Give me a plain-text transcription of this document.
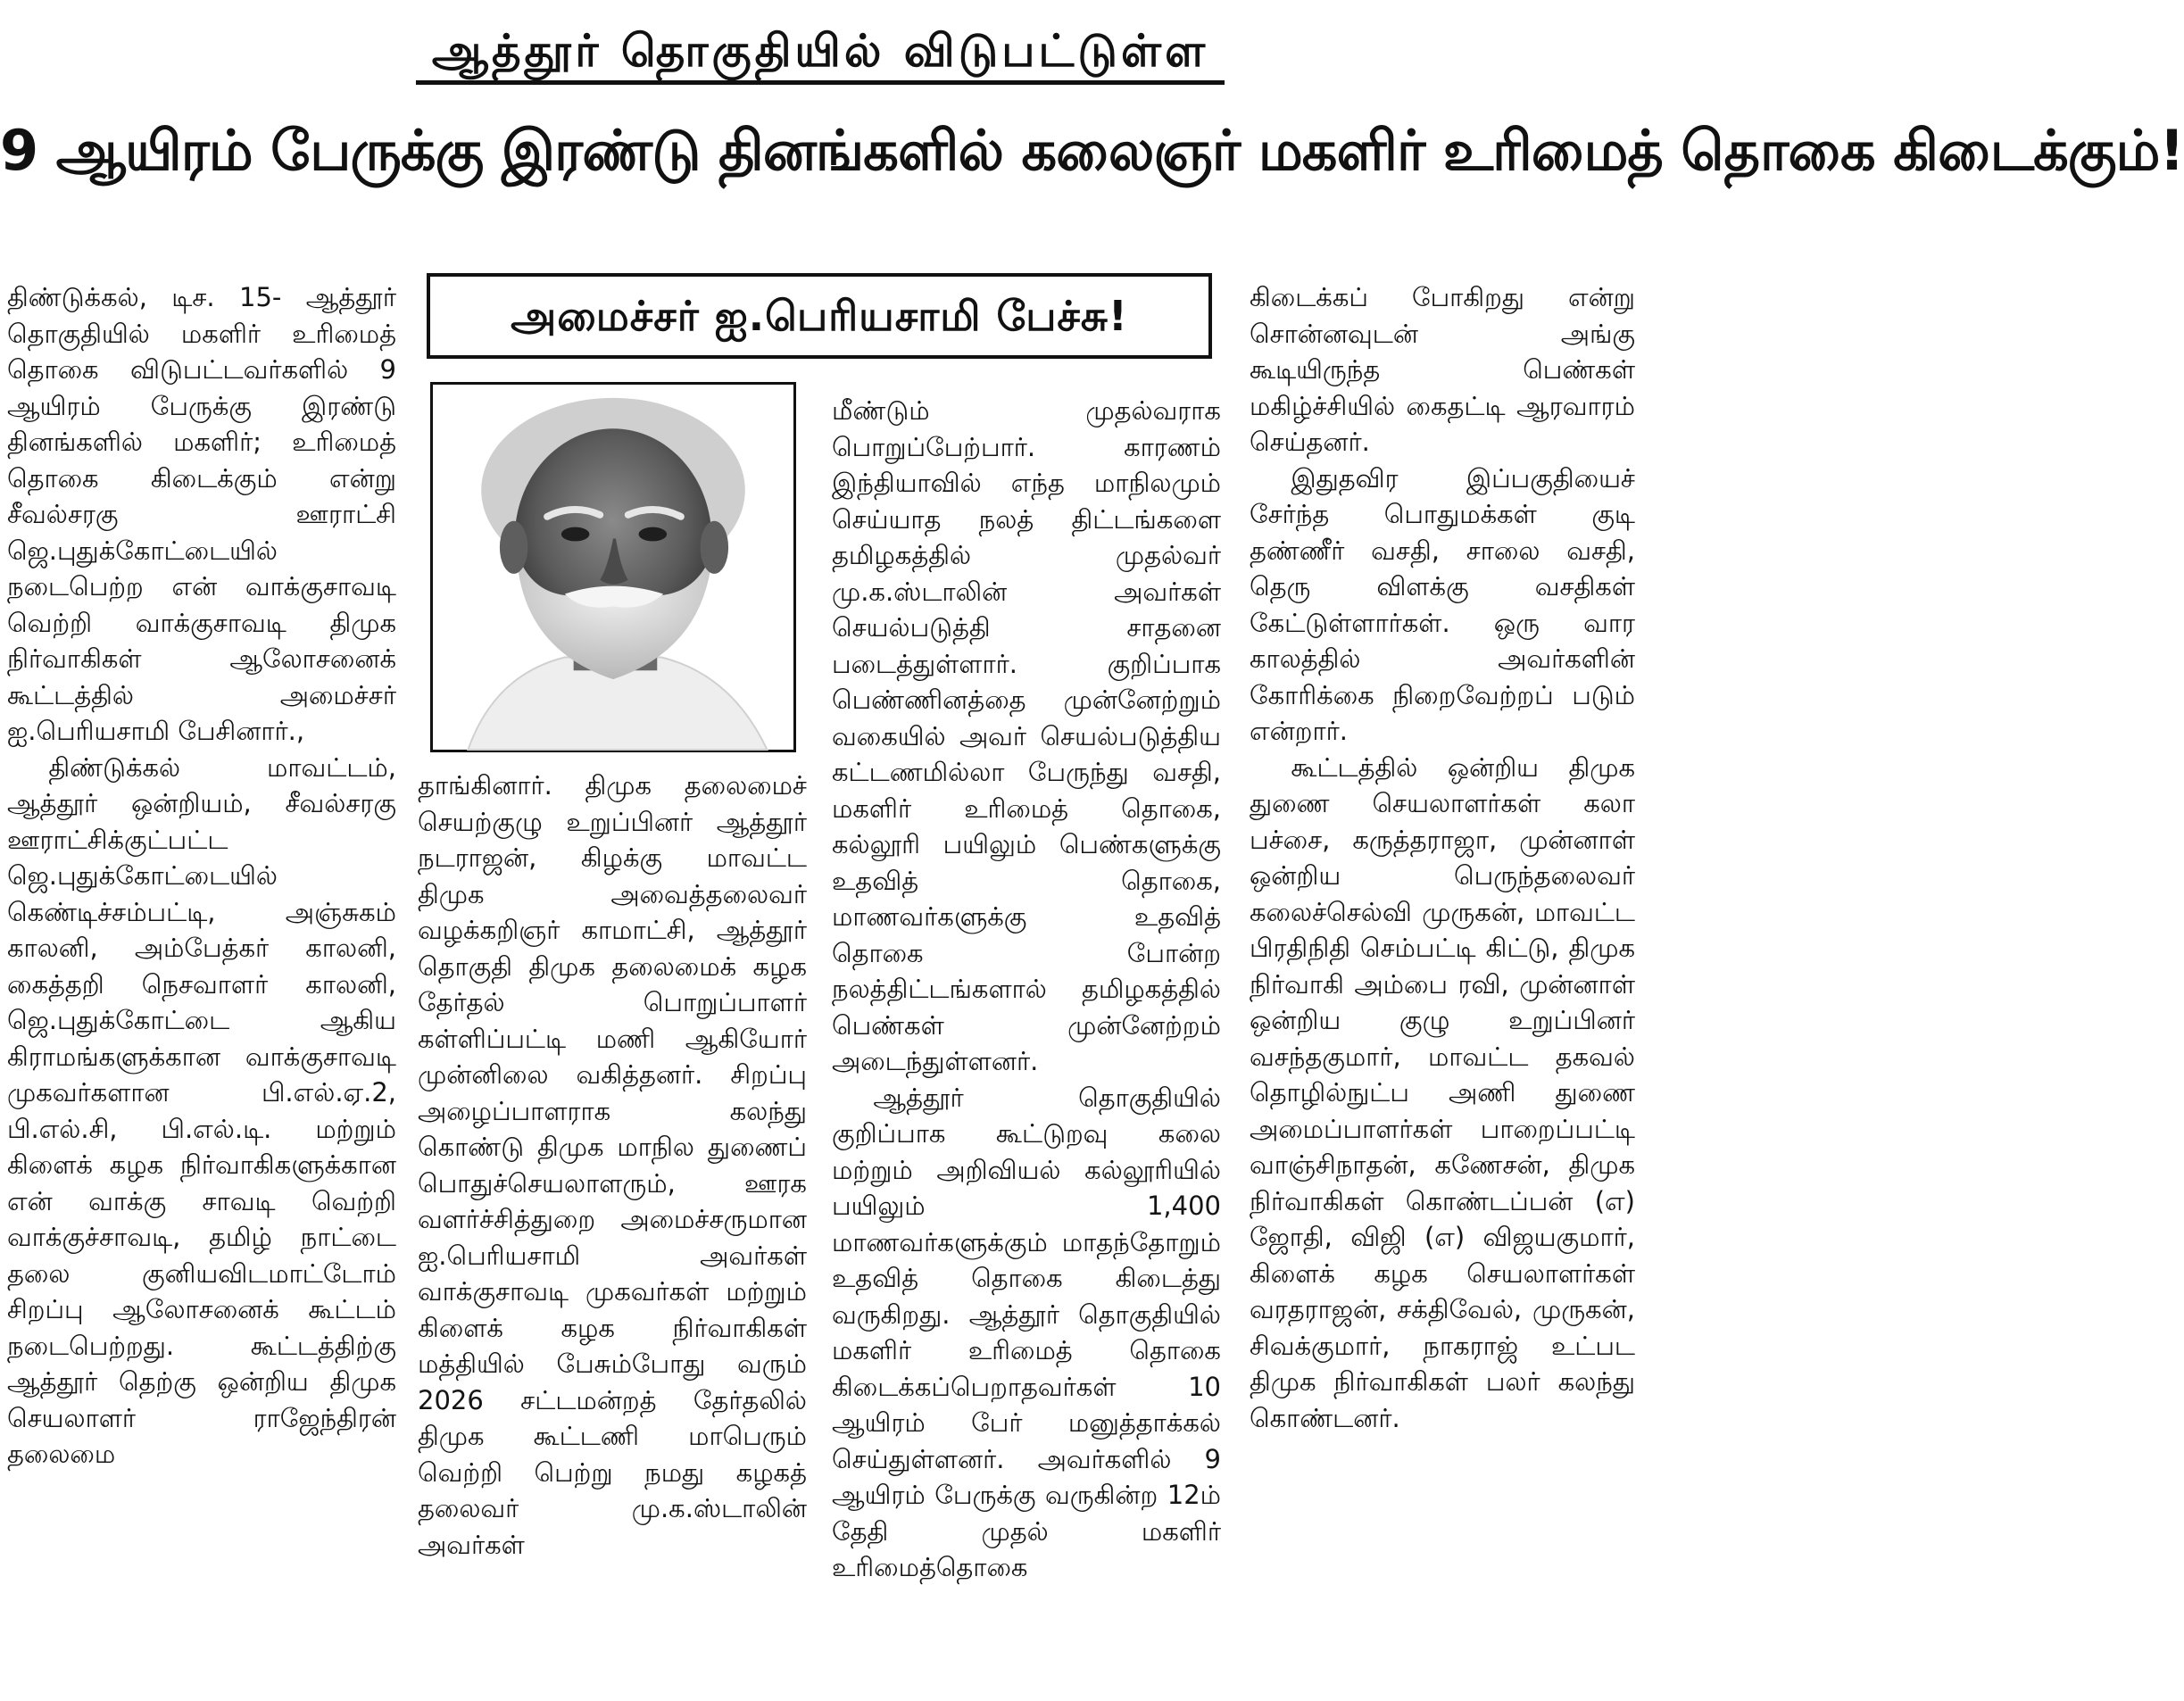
ஆத்தூர் தொகுதியில் விடுபட்டுள்ள
9 ஆயிரம் பேருக்கு இரண்டு தினங்களில் கலைஞர் மகளிர் உரிமைத் தொகை கிடைக்கும்!
அமைச்சர் ஐ.பெரியசாமி பேச்சு!

திண்டுக்கல், டிச. 15- ஆத்தூர் தொகுதியில் மகளிர் உரிமைத் தொகை விடுபட்டவர்களில் 9 ஆயிரம் பேருக்கு இரண்டு தினங்களில் மகளிர்; உரிமைத் தொகை கிடைக்கும் என்று சீவல்சரகு ஊராட்சி ஜெ.புதுக்கோட்டையில் நடைபெற்ற என் வாக்குசாவடி வெற்றி வாக்குசாவடி திமுக நிர்வாகிகள் ஆலோசனைக் கூட்டத்தில் அமைச்சர் ஐ.பெரியசாமி பேசினார்.,

திண்டுக்கல் மாவட்டம், ஆத்தூர் ஒன்றியம், சீவல்சரகு ஊராட்சிக்குட்பட்ட ஜெ.புதுக்கோட்டையில் கெண்டிச்சம்பட்டி, அஞ்சுகம் காலனி, அம்பேத்கர் காலனி, கைத்தறி நெசவாளர் காலனி, ஜெ.புதுக்கோட்டை ஆகிய கிராமங்களுக்கான வாக்குசாவடி முகவர்களான பி.எல்.ஏ.2, பி.எல்.சி, பி.எல்.டி. மற்றும் கிளைக் கழக நிர்வாகிகளுக்கான என் வாக்கு சாவடி வெற்றி வாக்குச்சாவடி, தமிழ் நாட்டை தலை குனியவிடமாட்டோம் சிறப்பு ஆலோசனைக் கூட்டம் நடைபெற்றது. கூட்டத்திற்கு ஆத்தூர் தெற்கு ஒன்றிய திமுக செயலாளர் ராஜேந்திரன் தலைமை

தாங்கினார். திமுக தலைமைச் செயற்குழு உறுப்பினர் ஆத்தூர் நடராஜன், கிழக்கு மாவட்ட திமுக அவைத்தலைவர் வழக்கறிஞர் காமாட்சி, ஆத்தூர் தொகுதி திமுக தலைமைக் கழக தேர்தல் பொறுப்பாளர் கள்ளிப்பட்டி மணி ஆகியோர் முன்னிலை வகித்தனர். சிறப்பு அழைப்பாளராக கலந்து கொண்டு திமுக மாநில துணைப் பொதுச்செயலாளரும், ஊரக வளர்ச்சித்துறை அமைச்சருமான ஐ.பெரியசாமி அவர்கள் வாக்குசாவடி முகவர்கள் மற்றும் கிளைக் கழக நிர்வாகிகள் மத்தியில் பேசும்போது வரும் 2026 சட்டமன்றத் தேர்தலில் திமுக கூட்டணி மாபெரும் வெற்றி பெற்று நமது கழகத் தலைவர் மு.க.ஸ்டாலின் அவர்கள்

மீண்டும் முதல்வராக பொறுப்பேற்பார். காரணம் இந்தியாவில் எந்த மாநிலமும் செய்யாத நலத் திட்டங்களை தமிழகத்தில் முதல்வர் மு.க.ஸ்டாலின் அவர்கள் செயல்படுத்தி சாதனை படைத்துள்ளார். குறிப்பாக பெண்ணினத்தை முன்னேற்றும் வகையில் அவர் செயல்படுத்திய கட்டணமில்லா பேருந்து வசதி, மகளிர் உரிமைத் தொகை, கல்லூரி பயிலும் பெண்களுக்கு உதவித் தொகை, மாணவர்களுக்கு உதவித் தொகை போன்ற நலத்திட்டங்களால் தமிழகத்தில் பெண்கள் முன்னேற்றம் அடைந்துள்ளனர்.

ஆத்தூர் தொகுதியில் குறிப்பாக கூட்டுறவு கலை மற்றும் அறிவியல் கல்லூரியில் பயிலும் 1,400 மாணவர்களுக்கும் மாதந்தோறும் உதவித் தொகை கிடைத்து வருகிறது. ஆத்தூர் தொகுதியில் மகளிர் உரிமைத் தொகை கிடைக்கப்பெறாதவர்கள் 10 ஆயிரம் பேர் மனுத்தாக்கல் செய்துள்ளனர். அவர்களில் 9 ஆயிரம் பேருக்கு வருகின்ற 12ம் தேதி முதல் மகளிர் உரிமைத்தொகை

கிடைக்கப் போகிறது என்று சொன்னவுடன் அங்கு கூடியிருந்த பெண்கள் மகிழ்ச்சியில் கைதட்டி ஆரவாரம் செய்தனர்.

இதுதவிர இப்பகுதியைச் சேர்ந்த பொதுமக்கள் குடி தண்ணீர் வசதி, சாலை வசதி, தெரு விளக்கு வசதிகள் கேட்டுள்ளார்கள். ஒரு வார காலத்தில் அவர்களின் கோரிக்கை நிறைவேற்றப் படும் என்றார்.

கூட்டத்தில் ஒன்றிய திமுக துணை செயலாளர்கள் கலா பச்சை, கருத்தராஜா, முன்னாள் ஒன்றிய பெருந்தலைவர் கலைச்செல்வி முருகன், மாவட்ட பிரதிநிதி செம்பட்டி கிட்டு, திமுக நிர்வாகி அம்பை ரவி, முன்னாள் ஒன்றிய குழு உறுப்பினர் வசந்தகுமார், மாவட்ட தகவல் தொழில்நுட்ப அணி துணை அமைப்பாளர்கள் பாறைப்பட்டி வாஞ்சிநாதன், கணேசன், திமுக நிர்வாகிகள் கொண்டப்பன் (எ) ஜோதி, விஜி (எ) விஜயகுமார், கிளைக் கழக செயலாளர்கள் வரதராஜன், சக்திவேல், முருகன், சிவக்குமார், நாகராஜ் உட்பட திமுக நிர்வாகிகள் பலர் கலந்து கொண்டனர்.
